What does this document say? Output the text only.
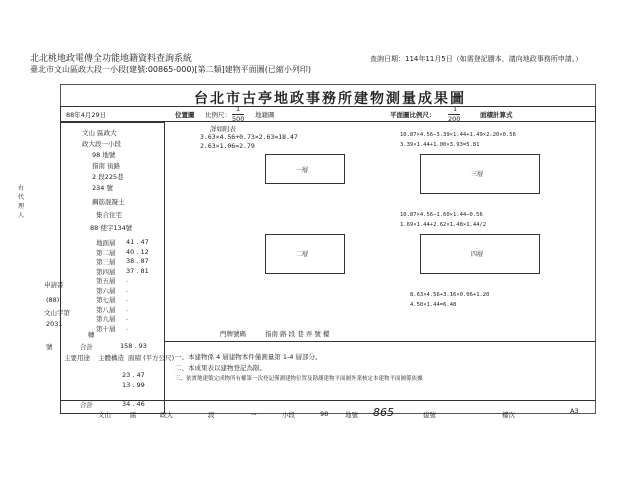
北北桃地政電傳全功能地籍資料查詢系統
臺北市文山區政大段一小段(建號:00865-000)[第二類]建物平面圖(已縮小列印)
查詢日期：114年11月5日（如需登記謄本，請向地政事務所申請。）
台北市古亭地政事務所建物測量成果圖
88年4月29日	位置圖 比例尺：
1
500 地籍圖	平面圖比例尺：
1
200	面積計算式
文山 區政大
政大段一小段
98 地號
指南 街路
2 段225巷
234 號
鋼筋混凝土
集合住宅
88 使字134號
地面層 41 . 47
第二層 40 . 12
第三層 38 . 87
第四層 37 . 81
第五層 .
第六層 .
第七層 .
第八層 .
第九層 .
第十層 .
合計	158 . 93
主要用途 主體構造 面積 (平方公尺)
23 . 47
13 . 99
合計	34 . 46
申請書
(88)
文山字第
2031
轉
號
右代理人
詳如附表
3.63×4.56+0.73×2.63=18.47
2.63×1.06=2.79
10.87×4.56−3.39×1.44+1.49×2.20×0.56
3.39×1.44+1.00×3.93=5.81
10.87×4.56−1.60×1.44−0.56
1.69×1.44+2.62×1.48×1.44/2
8.63×4.56+3.16×0.06+1.20
4.50×1.44=6.48
一層
二層
三層
四層
門牌號碼	指南 路 段 巷 弄 號 樓
一、本建物係 4 層建物本件僅測量第 1-4 層部分。
二、本成果表以建物登記為限。
三、依實地建築完成物所有權第一次登記僅測建物位置及勘測建物平面圖外業核定本建物平面圖係依據
文山	區	政大	段	一	小段	98	地號 865	建號	樓次	A3
